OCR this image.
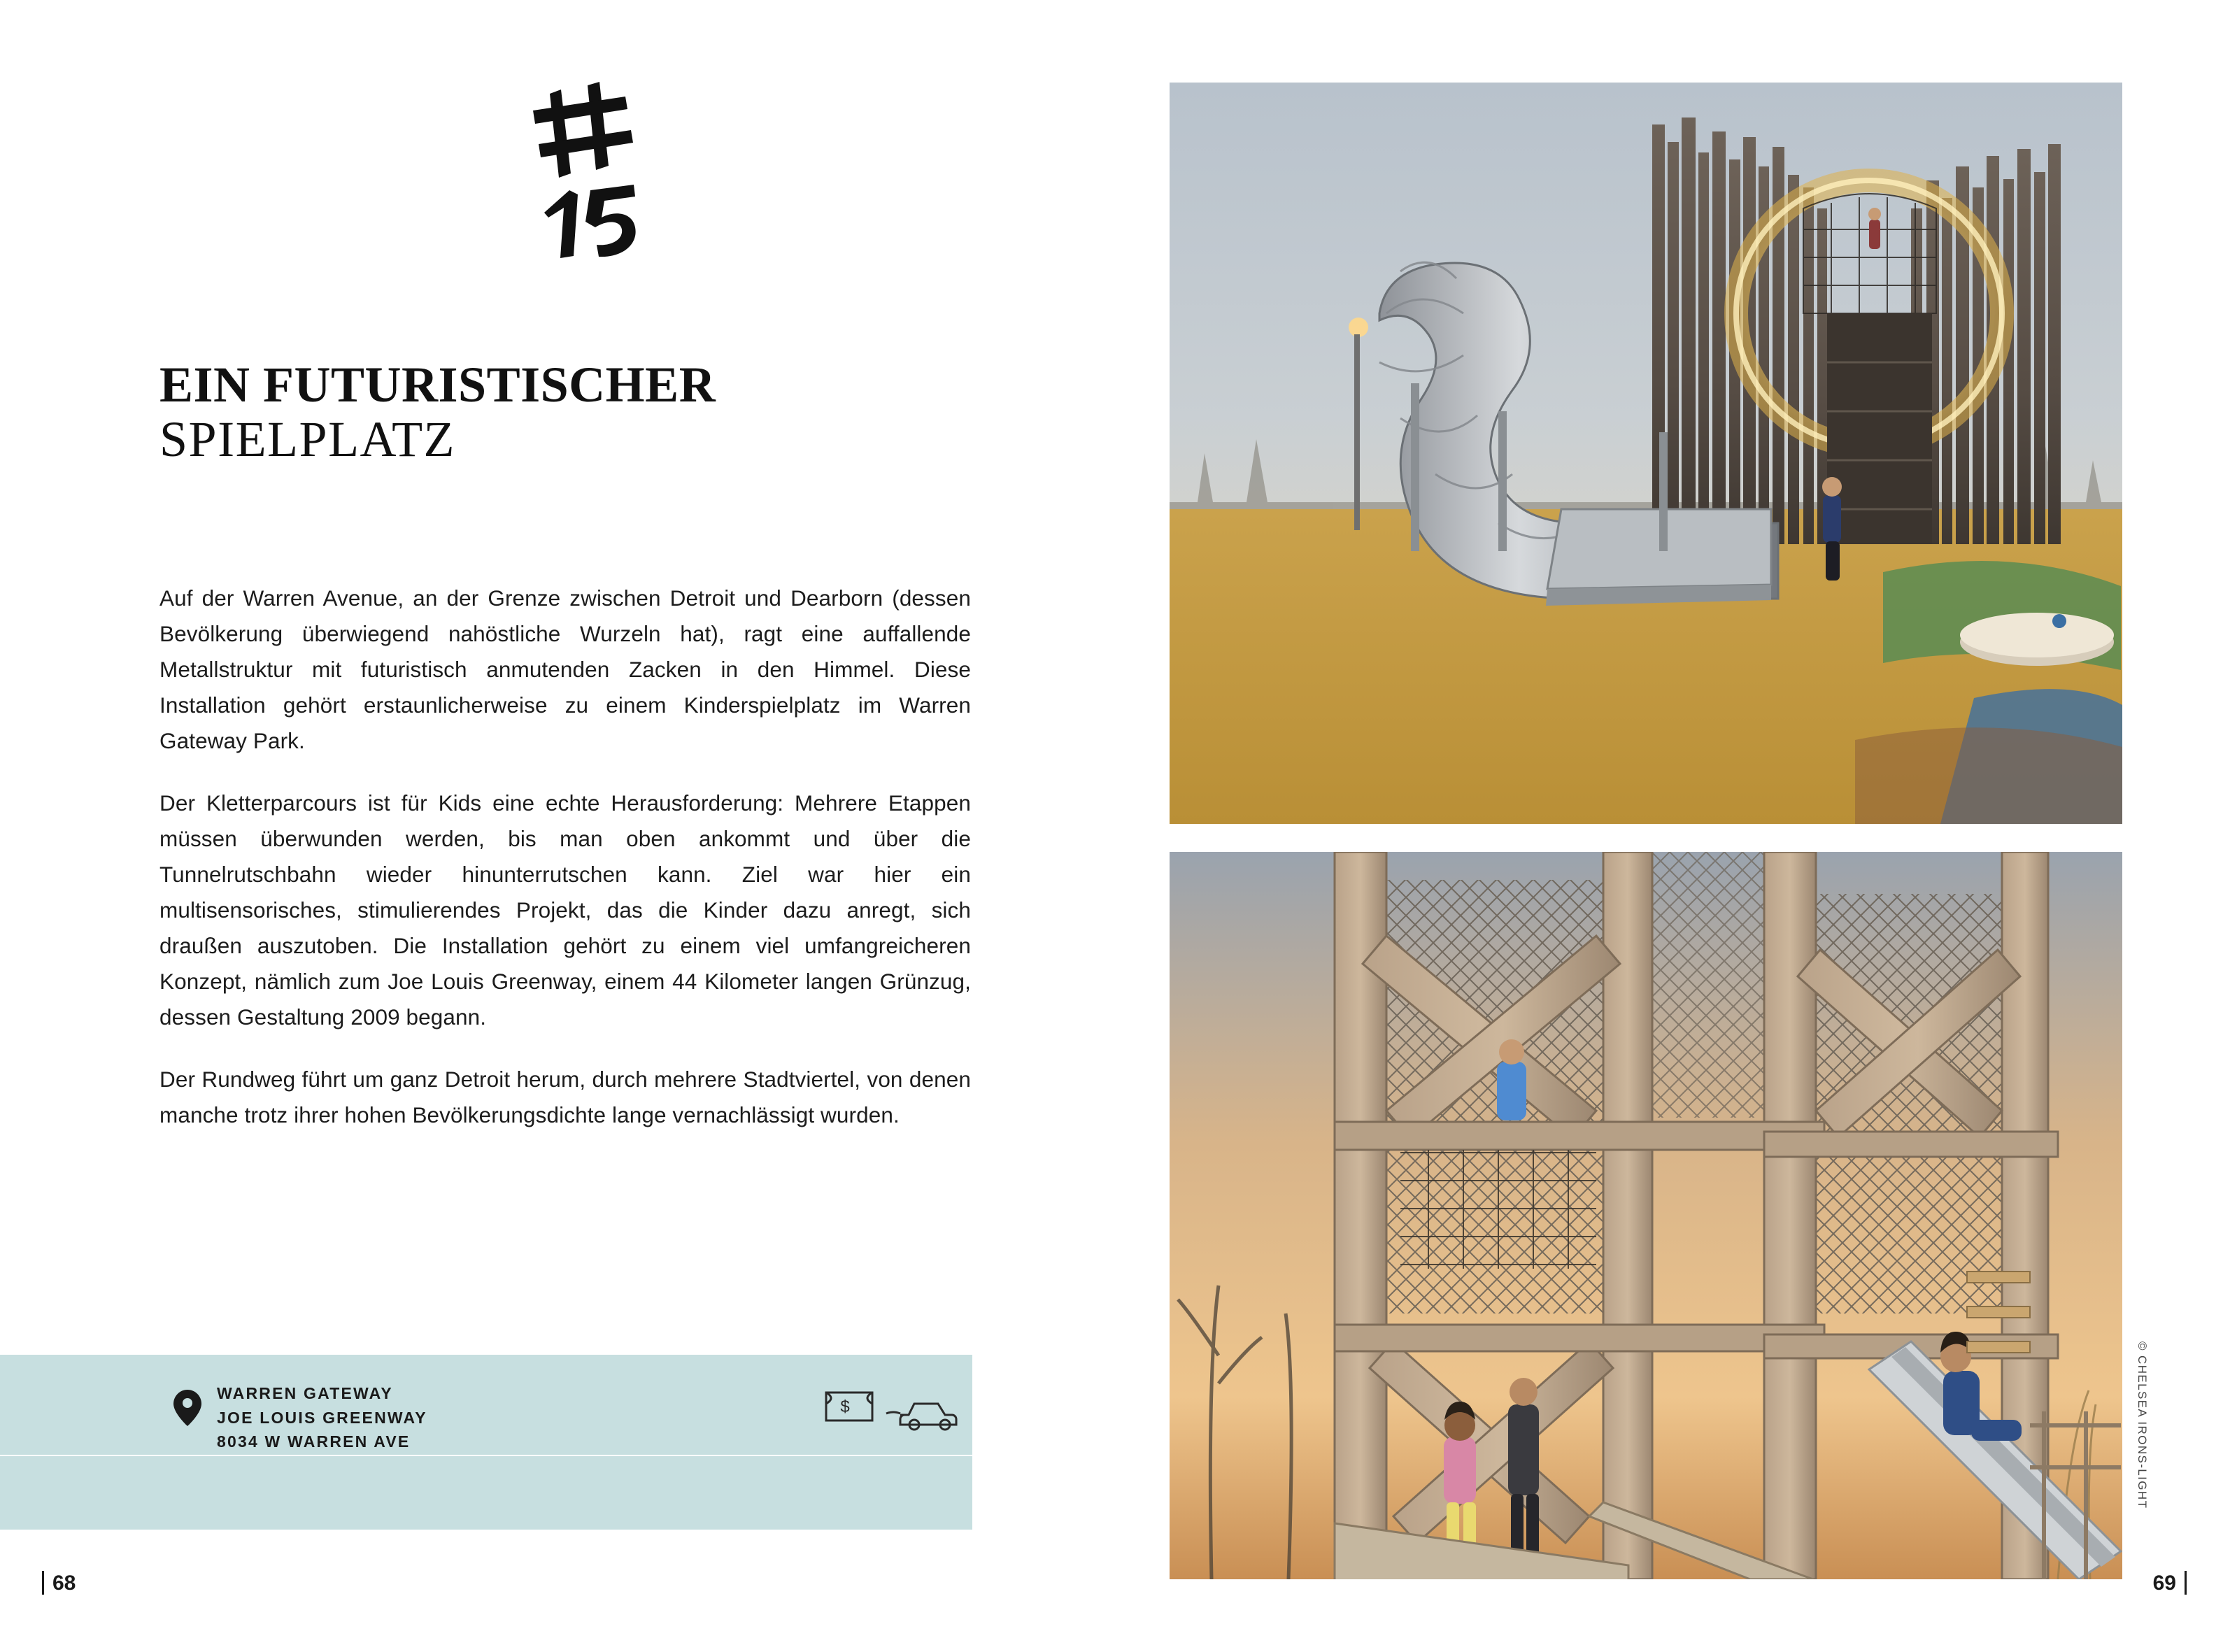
EIN FUTURISTISCHER
SPIELPLATZ

Auf der Warren Avenue, an der Grenze zwischen Detroit und Dearborn (dessen Bevölkerung überwiegend nahöstliche Wurzeln hat), ragt eine auffallende Metallstruktur mit futuristisch anmutenden Zacken in den Himmel. Diese Installation gehört erstaunlicherweise zu einem Kinderspielplatz im Warren Gateway Park.

Der Kletterparcours ist für Kids eine echte Herausforderung: Mehrere Etappen müssen überwunden werden, bis man oben ankommt und über die Tunnelrutschbahn wieder hinunterrutschen kann. Ziel war hier ein multisensorisches, stimulierendes Projekt, das die Kinder dazu anregt, sich draußen auszutoben. Die Installation gehört zu einem viel umfangreicheren Konzept, nämlich zum Joe Louis Greenway, einem 44 Kilometer langen Grünzug, dessen Gestaltung 2009 begann.

Der Rundweg führt um ganz Detroit herum, durch mehrere Stadtviertel, von denen manche trotz ihrer hohen Bevölkerungsdichte lange vernachlässigt wurden.

WARREN GATEWAY
JOE LOUIS GREENWAY
8034 W WARREN AVE
$
68
© CHELSEA IRONS-LIGHT
69
